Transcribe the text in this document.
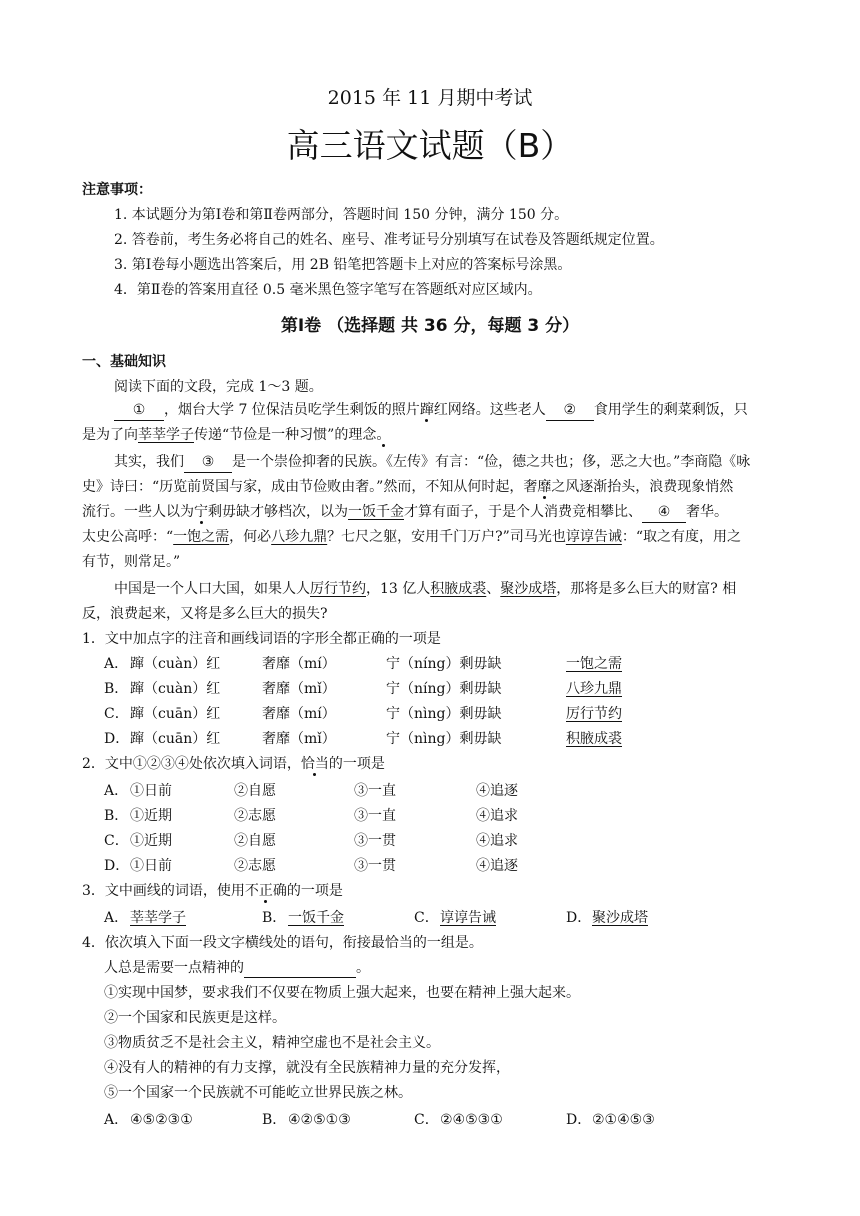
2015 年 11 月期中考试
高三语文试题（B）
注意事项：
1. 本试题分为第Ⅰ卷和第Ⅱ卷两部分，答题时间 150 分钟，满分 150 分。
2. 答卷前，考生务必将自己的姓名、座号、准考证号分别填写在试卷及答题纸规定位置。
3. 第Ⅰ卷每小题选出答案后，用 2B 铅笔把答题卡上对应的答案标号涂黑。
4．第Ⅱ卷的答案用直径 0.5 毫米黑色签字笔写在答题纸对应区域内。
第Ⅰ卷 （选择题 共 36 分，每题 3 分）
一、基础知识
阅读下面的文段，完成 1～3 题。
① ，烟台大学 7 位保洁员吃学生剩饭的照片蹿红网络。这些老人 ② 食用学生的剩菜剩饭，只
是为了向莘莘学子传递“节俭是一种习惯”的理念。
其实，我们 ③ 是一个崇俭抑奢的民族。《左传》有言：“俭，德之共也；侈，恶之大也。”李商隐《咏
史》诗曰：“历览前贤国与家，成由节俭败由奢。”然而，不知从何时起，奢靡之风逐渐抬头，浪费现象悄然
流行。一些人以为宁剩毋缺才够档次，以为一饭千金才算有面子，于是个人消费竞相攀比、 ④ 奢华。
太史公高呼：“一饱之需，何必八珍九鼎？七尺之躯，安用千门万户?”司马光也谆谆告诫：“取之有度，用之
有节，则常足。”
中国是一个人口大国，如果人人厉行节约，13 亿人积腋成裘、聚沙成塔，那将是多么巨大的财富? 相
反，浪费起来，又将是多么巨大的损失?
1．文中加点字的注音和画线词语的字形全都正确的一项是
A． 蹿（cuàn）红	奢靡（mí）	宁（níng）剩毋缺	一饱之需
B． 蹿（cuàn）红	奢靡（mǐ）	宁（níng）剩毋缺	八珍九鼎
C． 蹿（cuān）红	奢靡（mí）	宁（nìng）剩毋缺	厉行节约
D． 蹿（cuān）红	奢靡（mǐ）	宁（nìng）剩毋缺	积腋成裘
2．文中①②③④处依次填入词语，恰当的一项是
A． ①日前	②自愿	③一直	④追逐
B． ①近期	②志愿	③一直	④追求
C． ①近期	②自愿	③一贯	④追求
D． ①日前	②志愿	③一贯	④追逐
3．文中画线的词语，使用不正确的一项是
A． 莘莘学子	B． 一饭千金	C． 谆谆告诫	D． 聚沙成塔
4．依次填入下面一段文字横线处的语句，衔接最恰当的一组是。
人总是需要一点精神的	。
①实现中国梦，要求我们不仅要在物质上强大起来，也要在精神上强大起来。
②一个国家和民族更是这样。
③物质贫乏不是社会主义，精神空虚也不是社会主义。
④没有人的精神的有力支撑，就没有全民族精神力量的充分发挥，
⑤一个国家一个民族就不可能屹立世界民族之林。
A． ④⑤②③①	B． ④②⑤①③	C． ②④⑤③①	D． ②①④⑤③
